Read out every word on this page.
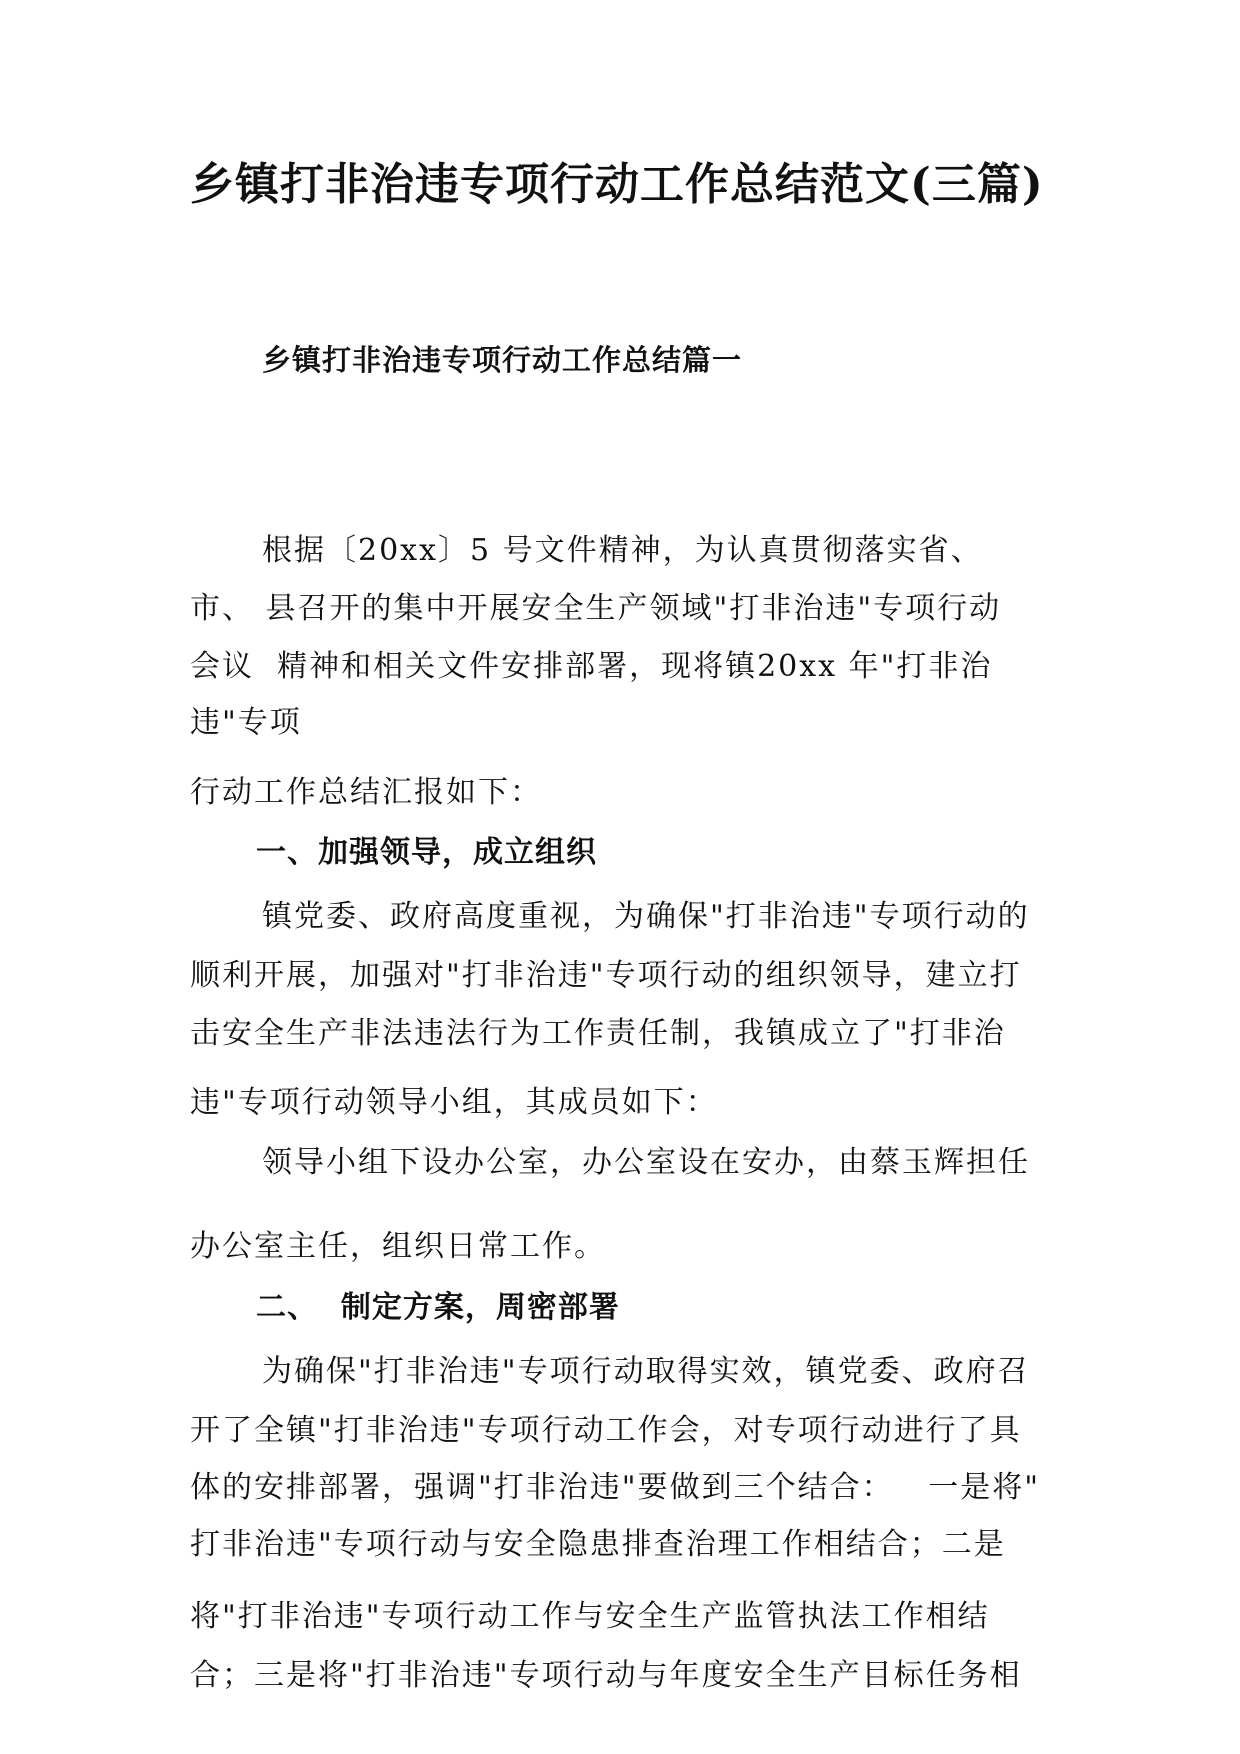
乡镇打非治违专项行动工作总结范文(三篇)
乡镇打非治违专项行动工作总结篇一
根据〔20xx〕5 号文件精神，为认真贯彻落实省、
市、 县召开的集中开展安全生产领域"打非治违"专项行动
会议  精神和相关文件安排部署，现将镇20xx 年"打非治
违"专项
行动工作总结汇报如下：
一、加强领导，成立组织
镇党委、政府高度重视，为确保"打非治违"专项行动的
顺利开展，加强对"打非治违"专项行动的组织领导，建立打
击安全生产非法违法行为工作责任制，我镇成立了"打非治
违"专项行动领导小组，其成员如下：
领导小组下设办公室，办公室设在安办，由蔡玉辉担任
办公室主任，组织日常工作。
二、  制定方案，周密部署
为确保"打非治违"专项行动取得实效，镇党委、政府召
开了全镇"打非治违"专项行动工作会，对专项行动进行了具
体的安排部署，强调"打非治违"要做到三个结合：   一是将"
打非治违"专项行动与安全隐患排查治理工作相结合；二是
将"打非治违"专项行动工作与安全生产监管执法工作相结
合；三是将"打非治违"专项行动与年度安全生产目标任务相
